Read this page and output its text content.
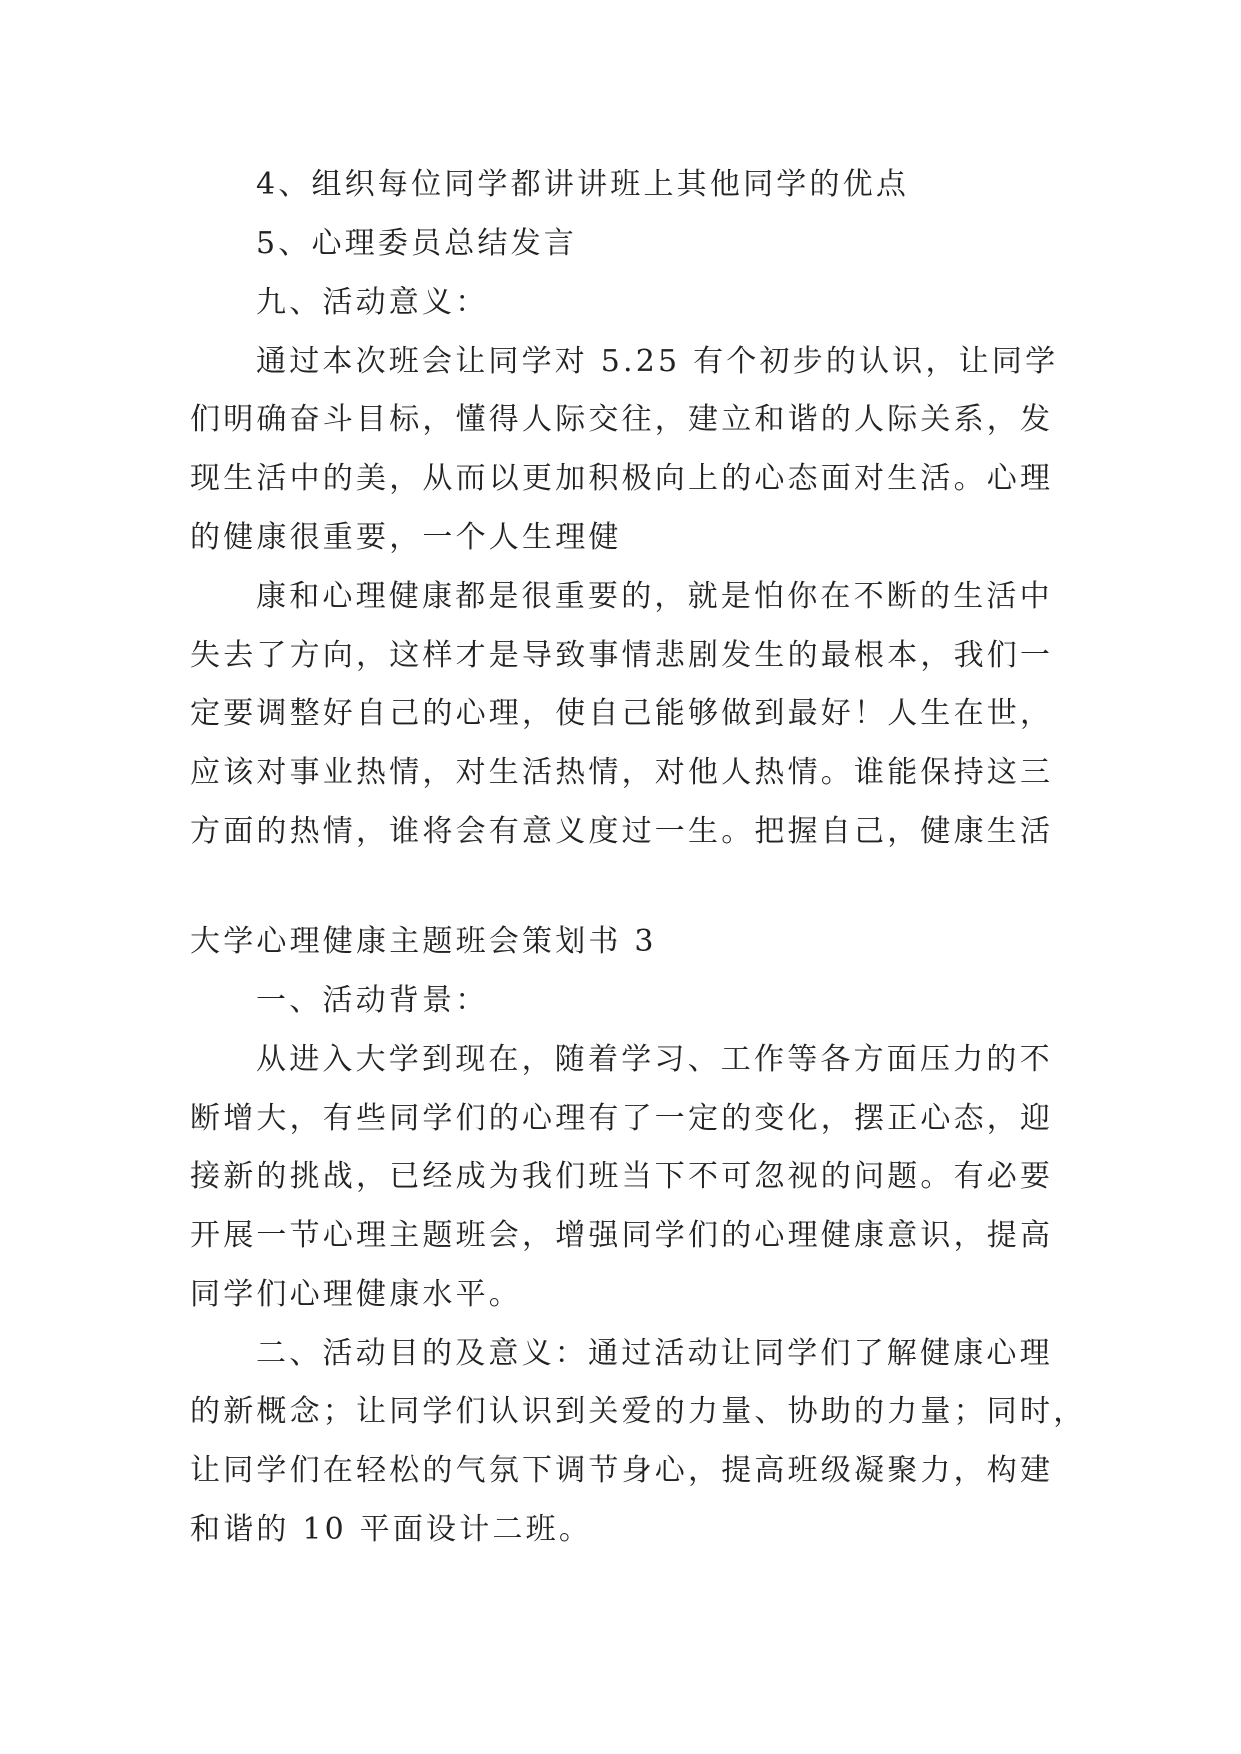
4、组织每位同学都讲讲班上其他同学的优点
5、心理委员总结发言
九、活动意义：
通过本次班会让同学对 5.25 有个初步的认识，让同学
们明确奋斗目标，懂得人际交往，建立和谐的人际关系，发
现生活中的美，从而以更加积极向上的心态面对生活。心理
的健康很重要，一个人生理健
康和心理健康都是很重要的，就是怕你在不断的生活中
失去了方向，这样才是导致事情悲剧发生的最根本，我们一
定要调整好自己的心理，使自己能够做到最好！人生在世，
应该对事业热情，对生活热情，对他人热情。谁能保持这三
方面的热情，谁将会有意义度过一生。把握自己，健康生活
大学心理健康主题班会策划书 3
一、活动背景：
从进入大学到现在，随着学习、工作等各方面压力的不
断增大，有些同学们的心理有了一定的变化，摆正心态，迎
接新的挑战，已经成为我们班当下不可忽视的问题。有必要
开展一节心理主题班会，增强同学们的心理健康意识，提高
同学们心理健康水平。
二、活动目的及意义：通过活动让同学们了解健康心理
的新概念；让同学们认识到关爱的力量、协助的力量；同时，
让同学们在轻松的气氛下调节身心，提高班级凝聚力，构建
和谐的 10 平面设计二班。
